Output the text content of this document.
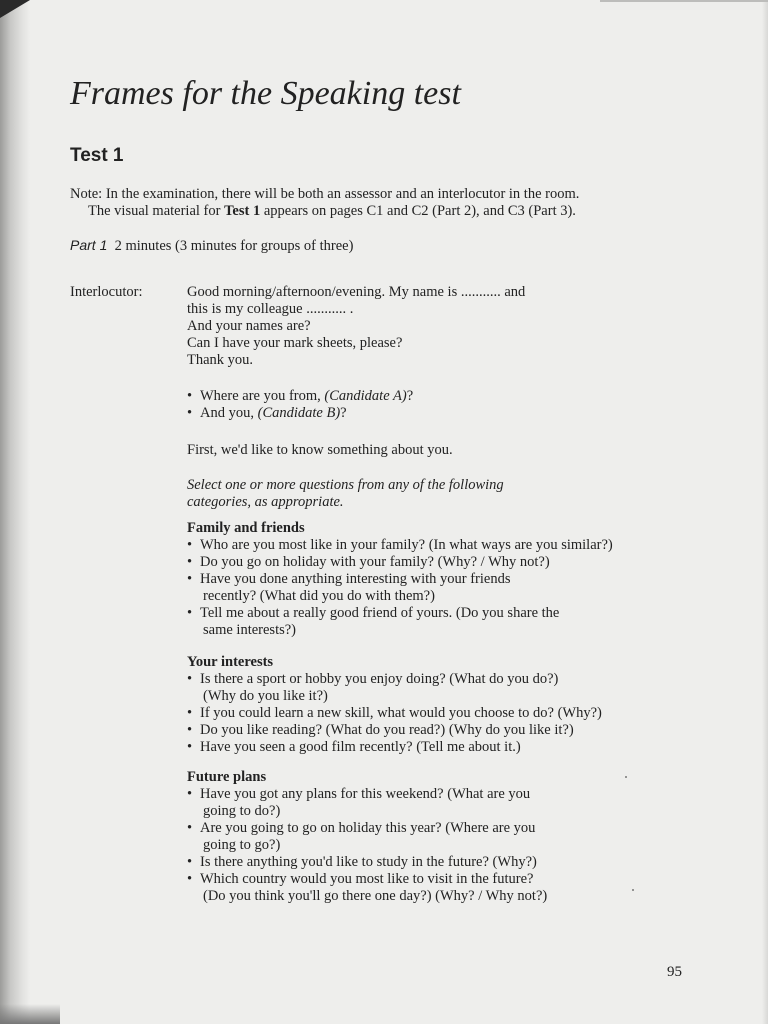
Frames for the Speaking test
Test 1
Note: In the examination, there will be both an assessor and an interlocutor in the room.
The visual material for Test 1 appears on pages C1 and C2 (Part 2), and C3 (Part 3).
Part 1 2 minutes (3 minutes for groups of three)
Interlocutor:	Good morning/afternoon/evening. My name is ........... and
this is my colleague ........... .
And your names are?
Can I have your mark sheets, please?
Thank you.
• Where are you from, (Candidate A)?
• And you, (Candidate B)?
First, we'd like to know something about you.
Select one or more questions from any of the following
categories, as appropriate.
Family and friends
• Who are you most like in your family? (In what ways are you similar?)
• Do you go on holiday with your family? (Why? / Why not?)
• Have you done anything interesting with your friends
recently? (What did you do with them?)
• Tell me about a really good friend of yours. (Do you share the
same interests?)
Your interests
• Is there a sport or hobby you enjoy doing? (What do you do?)
(Why do you like it?)
• If you could learn a new skill, what would you choose to do? (Why?)
• Do you like reading? (What do you read?) (Why do you like it?)
• Have you seen a good film recently? (Tell me about it.)
Future plans
• Have you got any plans for this weekend? (What are you
going to do?)
• Are you going to go on holiday this year? (Where are you
going to go?)
• Is there anything you'd like to study in the future? (Why?)
• Which country would you most like to visit in the future?
(Do you think you'll go there one day?) (Why? / Why not?)
95
